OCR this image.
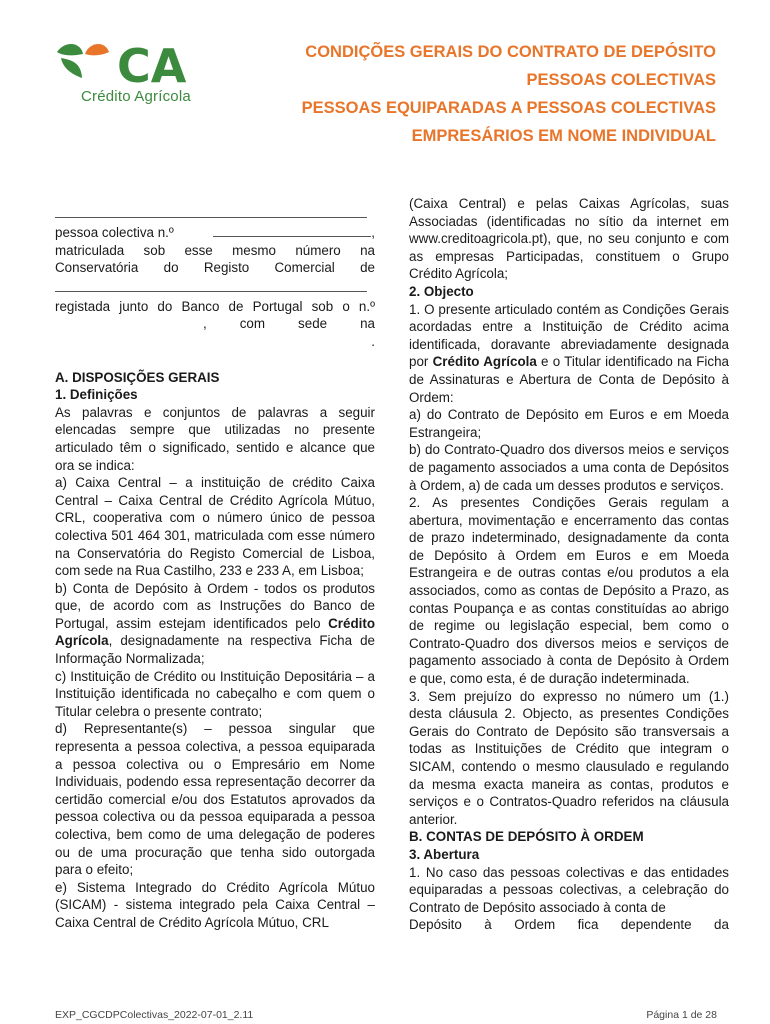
CA
Crédito Agrícola
CONDIÇÕES GERAIS DO CONTRATO DE DEPÓSITO
PESSOAS COLECTIVAS
PESSOAS EQUIPARADAS A PESSOAS COLECTIVAS
EMPRESÁRIOS EM NOME INDIVIDUAL
pessoa colectiva n.º	,
matriculada sob esse mesmo número na
Conservatória do Registo Comercial de
registada junto do Banco de Portugal sob o n.º
, com sede na
.

A. DISPOSIÇÕES GERAIS

1. Definições

As palavras e conjuntos de palavras a seguir elencadas sempre que utilizadas no presente articulado têm o significado, sentido e alcance que ora se indica:

a) Caixa Central – a instituição de crédito Caixa Central – Caixa Central de Crédito Agrícola Mútuo, CRL, cooperativa com o número único de pessoa colectiva 501 464 301, matriculada com esse número na Conservatória do Registo Comercial de Lisboa, com sede na Rua Castilho, 233 e 233 A, em Lisboa;

b) Conta de Depósito à Ordem - todos os produtos que, de acordo com as Instruções do Banco de Portugal, assim estejam identificados pelo Crédito Agrícola, designadamente na respectiva Ficha de Informação Normalizada;

c) Instituição de Crédito ou Instituição Depositária – a Instituição identificada no cabeçalho e com quem o Titular celebra o presente contrato;

d) Representante(s) – pessoa singular que representa a pessoa colectiva, a pessoa equiparada a pessoa colectiva ou o Empresário em Nome Individuais, podendo essa representação decorrer da certidão comercial e/ou dos Estatutos aprovados da pessoa colectiva ou da pessoa equiparada a pessoa colectiva, bem como de uma delegação de poderes ou de uma procuração que tenha sido outorgada para o efeito;

e) Sistema Integrado do Crédito Agrícola Mútuo (SICAM) - sistema integrado pela Caixa Central – Caixa Central de Crédito Agrícola Mútuo, CRL

(Caixa Central) e pelas Caixas Agrícolas, suas Associadas (identificadas no sítio da internet em www.creditoagricola.pt), que, no seu conjunto e com as empresas Participadas, constituem o Grupo Crédito Agrícola;

2. Objecto

1. O presente articulado contém as Condições Gerais acordadas entre a Instituição de Crédito acima identificada, doravante abreviadamente designada por Crédito Agrícola e o Titular identificado na Ficha de Assinaturas e Abertura de Conta de Depósito à Ordem:

a) do Contrato de Depósito em Euros e em Moeda Estrangeira;

b) do Contrato-Quadro dos diversos meios e serviços de pagamento associados a uma conta de Depósitos à Ordem, a) de cada um desses produtos e serviços.

2. As presentes Condições Gerais regulam a abertura, movimentação e encerramento das contas de prazo indeterminado, designadamente da conta de Depósito à Ordem em Euros e em Moeda Estrangeira e de outras contas e/ou produtos a ela associados, como as contas de Depósito a Prazo, as contas Poupança e as contas constituídas ao abrigo de regime ou legislação especial, bem como o Contrato-Quadro dos diversos meios e serviços de pagamento associado à conta de Depósito à Ordem e que, como esta, é de duração indeterminada.

3. Sem prejuízo do expresso no número um (1.) desta cláusula 2. Objecto, as presentes Condições Gerais do Contrato de Depósito são transversais a todas as Instituições de Crédito que integram o SICAM, contendo o mesmo clausulado e regulando da mesma exacta maneira as contas, produtos e serviços e o Contratos-Quadro referidos na cláusula anterior.

B. CONTAS DE DEPÓSITO À ORDEM

3. Abertura

1. No caso das pessoas colectivas e das entidades equiparadas a pessoas colectivas, a celebração do Contrato de Depósito associado à conta de

Depósito à Ordem fica dependente da
EXP_CGCDPColectivas_2022-07-01_2.11	Página 1 de 28
